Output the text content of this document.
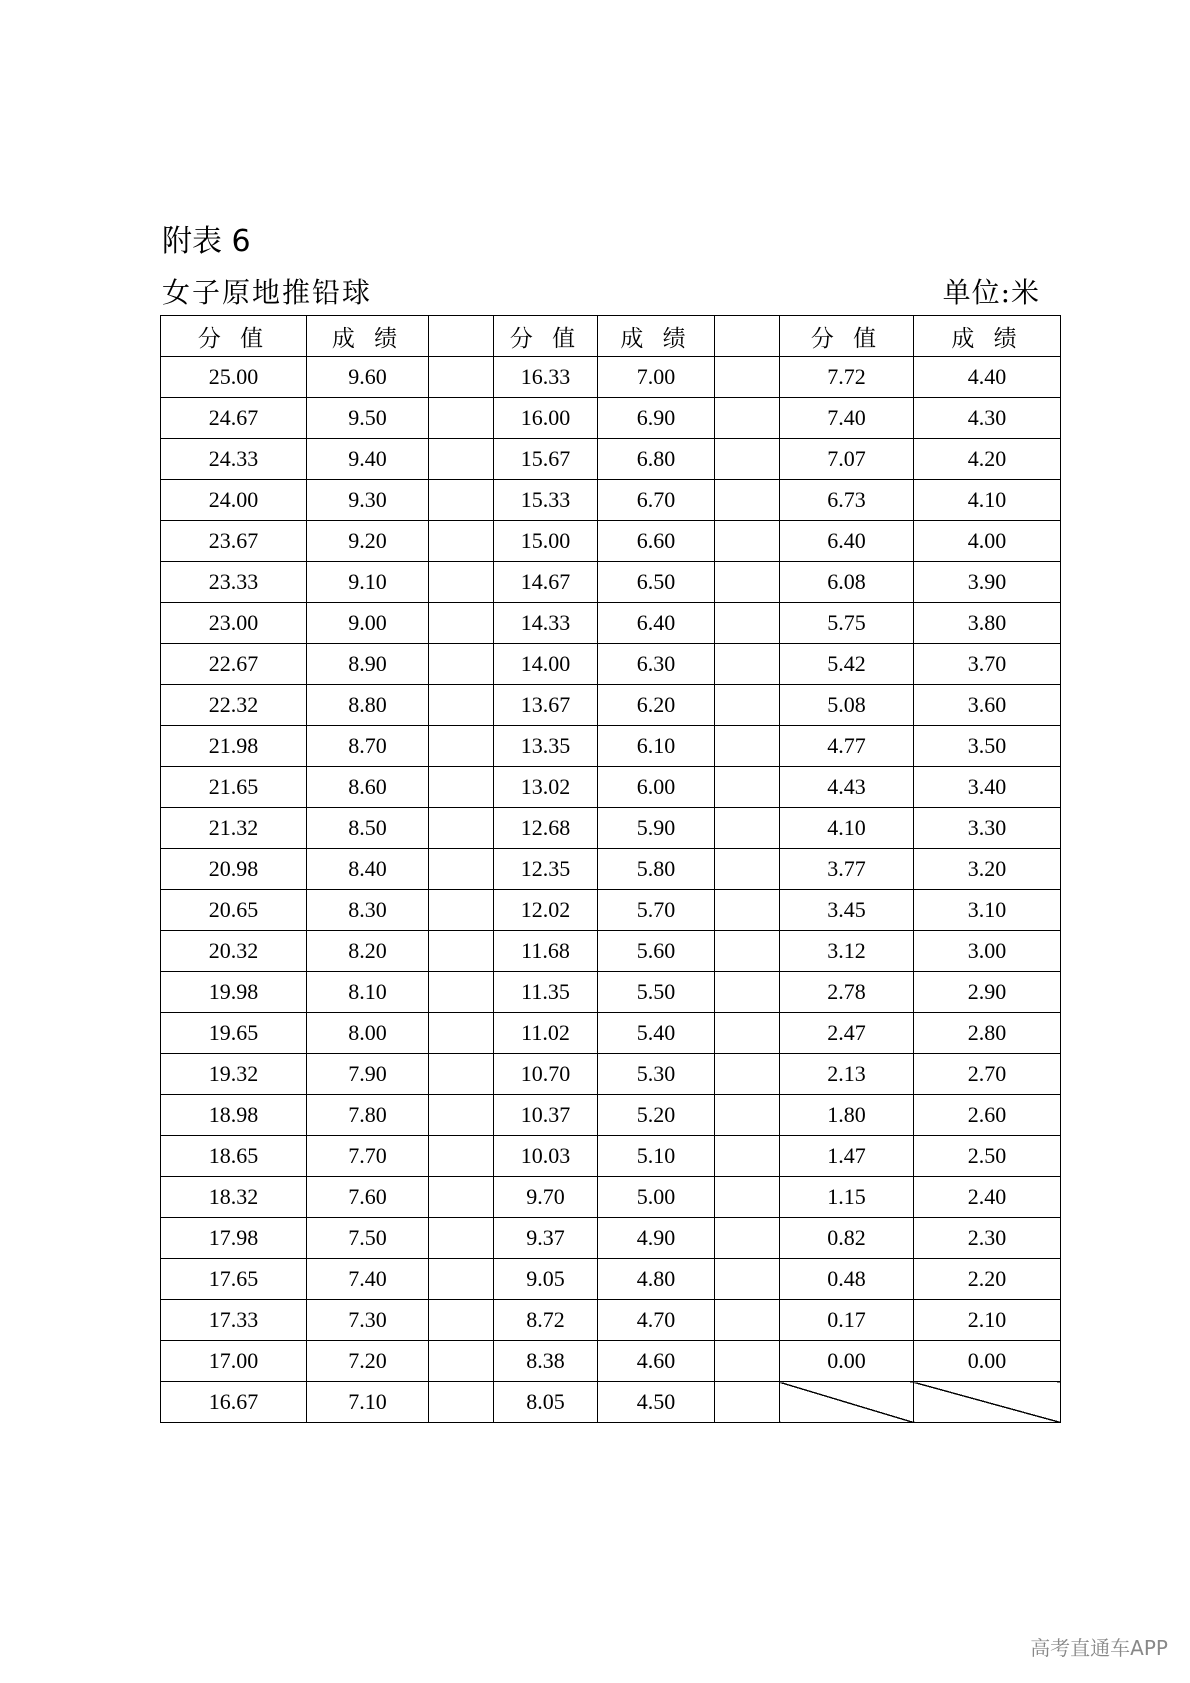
附表 6
女子原地推铅球	单位:米
分 值	成 绩		分 值	成 绩		分 值	成 绩
25.00	9.60		16.33	7.00		7.72	4.40
24.67	9.50		16.00	6.90		7.40	4.30
24.33	9.40		15.67	6.80		7.07	4.20
24.00	9.30		15.33	6.70		6.73	4.10
23.67	9.20		15.00	6.60		6.40	4.00
23.33	9.10		14.67	6.50		6.08	3.90
23.00	9.00		14.33	6.40		5.75	3.80
22.67	8.90		14.00	6.30		5.42	3.70
22.32	8.80		13.67	6.20		5.08	3.60
21.98	8.70		13.35	6.10		4.77	3.50
21.65	8.60		13.02	6.00		4.43	3.40
21.32	8.50		12.68	5.90		4.10	3.30
20.98	8.40		12.35	5.80		3.77	3.20
20.65	8.30		12.02	5.70		3.45	3.10
20.32	8.20		11.68	5.60		3.12	3.00
19.98	8.10		11.35	5.50		2.78	2.90
19.65	8.00		11.02	5.40		2.47	2.80
19.32	7.90		10.70	5.30		2.13	2.70
18.98	7.80		10.37	5.20		1.80	2.60
18.65	7.70		10.03	5.10		1.47	2.50
18.32	7.60		9.70	5.00		1.15	2.40
17.98	7.50		9.37	4.90		0.82	2.30
17.65	7.40		9.05	4.80		0.48	2.20
17.33	7.30		8.72	4.70		0.17	2.10
17.00	7.20		8.38	4.60		0.00	0.00
16.67	7.10		8.05	4.50			
高考直通车APP
